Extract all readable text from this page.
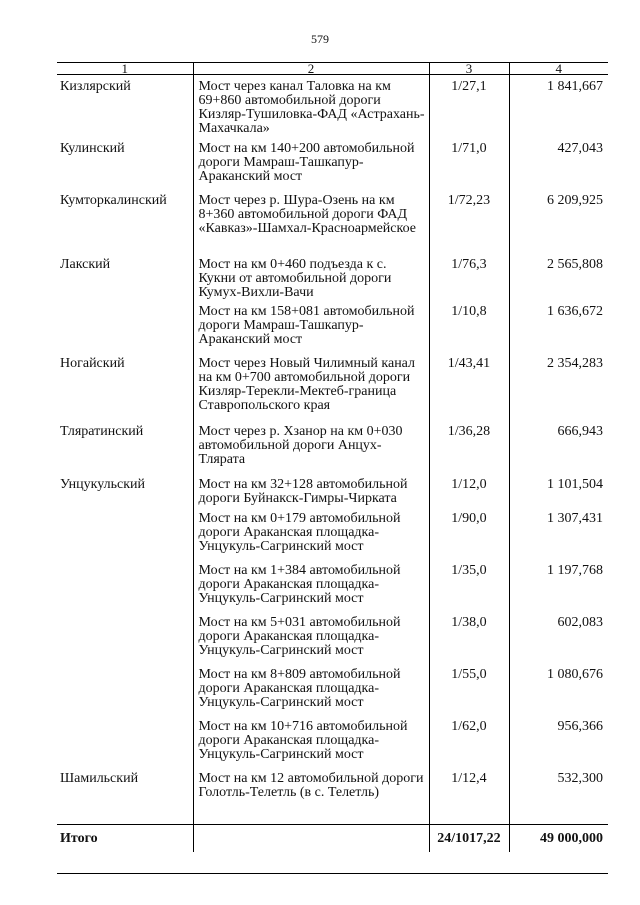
579
1	2	3	4
Кизлярский	Мост через канал Таловка на км 69+860 автомобильной дороги Кизляр-Тушиловка-ФАД «Астрахань-Махачкала»	1/27,1	1 841,667
Кулинский	Мост на км 140+200 автомобильной дороги Мамраш-Ташкапур-Араканский мост	1/71,0	427,043
Кумторкалинский	Мост через р. Шура-Озень на км 8+360 автомобильной дороги ФАД «Кавказ»-Шамхал-Красноармейское	1/72,23	6 209,925
Лакский	Мост на км 0+460 подъезда к с. Кукни от автомобильной дороги Кумух-Вихли-Вачи	1/76,3	2 565,808
	Мост на км 158+081 автомобильной дороги Мамраш-Ташкапур-Араканский мост	1/10,8	1 636,672
Ногайский	Мост через Новый Чилимный канал на км 0+700 автомобильной дороги Кизляр-Терекли-Мектеб-граница Ставропольского края	1/43,41	2 354,283
Тляратинский	Мост через р. Хзанор на км 0+030 автомобильной дороги Анцух-Тлярата	1/36,28	666,943
Унцукульский	Мост на км 32+128 автомобильной дороги Буйнакск-Гимры-Чирката	1/12,0	1 101,504
	Мост на км 0+179 автомобильной дороги Араканская площадка-Унцукуль-Сагринский мост	1/90,0	1 307,431
	Мост на км 1+384 автомобильной дороги Араканская площадка-Унцукуль-Сагринский мост	1/35,0	1 197,768
	Мост на км 5+031 автомобильной дороги Араканская площадка-Унцукуль-Сагринский мост	1/38,0	602,083
	Мост на км 8+809 автомобильной дороги Араканская площадка-Унцукуль-Сагринский мост	1/55,0	1 080,676
	Мост на км 10+716 автомобильной дороги Араканская площадка-Унцукуль-Сагринский мост	1/62,0	956,366
Шамильский	Мост на км 12 автомобильной дороги Голотль-Телетль (в с. Телетль)	1/12,4	532,300
Итого		24/1017,22	49 000,000
